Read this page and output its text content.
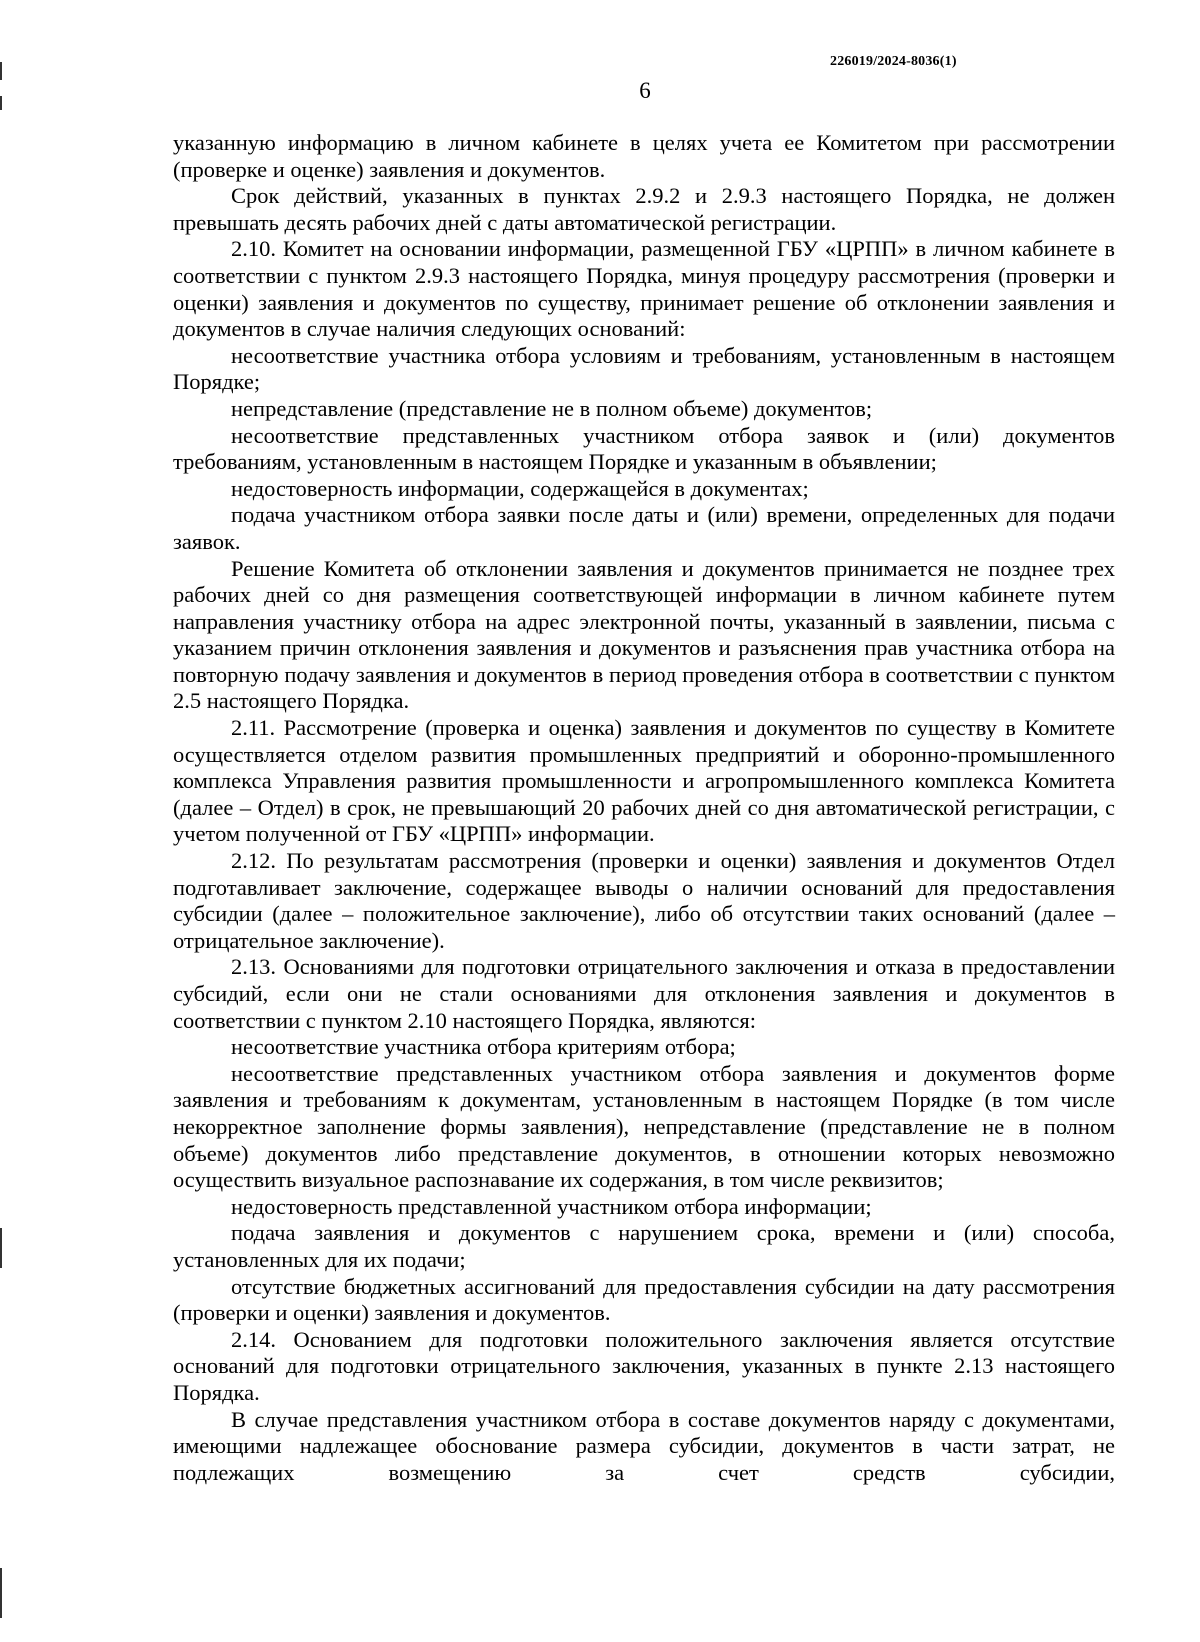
226019/2024-8036(1)
6

указанную информацию в личном кабинете в целях учета ее Комитетом при рассмотрении (проверке и оценке) заявления и документов.

Срок действий, указанных в пунктах 2.9.2 и 2.9.3 настоящего Порядка, не должен превышать десять рабочих дней с даты автоматической регистрации.

2.10. Комитет на основании информации, размещенной ГБУ «ЦРПП» в личном кабинете в соответствии с пунктом 2.9.3 настоящего Порядка, минуя процедуру рассмотрения (проверки и оценки) заявления и документов по существу, принимает решение об отклонении заявления и документов в случае наличия следующих оснований:

несоответствие участника отбора условиям и требованиям, установленным в настоящем Порядке;

непредставление (представление не в полном объеме) документов;

несоответствие представленных участником отбора заявок и (или) документов требованиям, установленным в настоящем Порядке и указанным в объявлении;

недостоверность информации, содержащейся в документах;

подача участником отбора заявки после даты и (или) времени, определенных для подачи заявок.

Решение Комитета об отклонении заявления и документов принимается не позднее трех рабочих дней со дня размещения соответствующей информации в личном кабинете путем направления участнику отбора на адрес электронной почты, указанный в заявлении, письма с указанием причин отклонения заявления и документов и разъяснения прав участника отбора на повторную подачу заявления и документов в период проведения отбора в соответствии с пунктом 2.5 настоящего Порядка.

2.11. Рассмотрение (проверка и оценка) заявления и документов по существу в Комитете осуществляется отделом развития промышленных предприятий и оборонно-промышленного комплекса Управления развития промышленности и агропромышленного комплекса Комитета (далее – Отдел) в срок, не превышающий 20 рабочих дней со дня автоматической регистрации, с учетом полученной от ГБУ «ЦРПП» информации.

2.12. По результатам рассмотрения (проверки и оценки) заявления и документов Отдел подготавливает заключение, содержащее выводы о наличии оснований для предоставления субсидии (далее – положительное заключение), либо об отсутствии таких оснований (далее – отрицательное заключение).

2.13. Основаниями для подготовки отрицательного заключения и отказа в предоставлении субсидий, если они не стали основаниями для отклонения заявления и документов в соответствии с пунктом 2.10 настоящего Порядка, являются:

несоответствие участника отбора критериям отбора;

несоответствие представленных участником отбора заявления и документов форме заявления и требованиям к документам, установленным в настоящем Порядке (в том числе некорректное заполнение формы заявления), непредставление (представление не в полном объеме) документов либо представление документов, в отношении которых невозможно осуществить визуальное распознавание их содержания, в том числе реквизитов;

недостоверность представленной участником отбора информации;

подача заявления и документов с нарушением срока, времени и (или) способа, установленных для их подачи;

отсутствие бюджетных ассигнований для предоставления субсидии на дату рассмотрения (проверки и оценки) заявления и документов.

2.14. Основанием для подготовки положительного заключения является отсутствие оснований для подготовки отрицательного заключения, указанных в пункте 2.13 настоящего Порядка.

В случае представления участником отбора в составе документов наряду с документами, имеющими надлежащее обоснование размера субсидии, документов в части затрат, не подлежащих возмещению за счет средств субсидии,
